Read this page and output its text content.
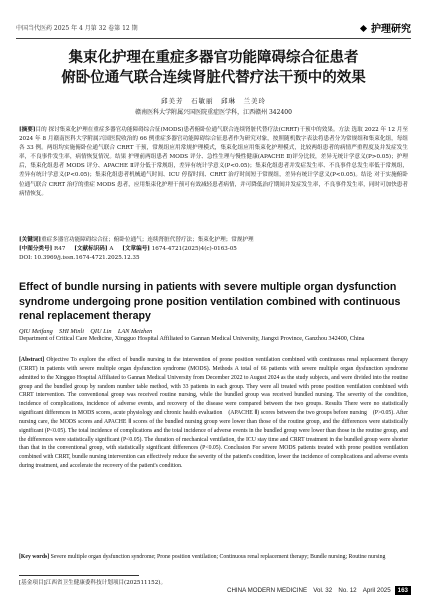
中国当代医药 2025 年 4 月第 32 卷第 12 期	护理研究
集束化护理在重症多器官功能障碍综合征患者
俯卧位通气联合连续肾脏代替疗法干预中的效果
邱美芳　石敏丽　邱琳　兰美玲
赣南医科大学附属兴国医院重症医学科，江西赣州 342400
[摘要]目的 探讨集束化护理在重症多器官功能障碍综合征(MODS)患者俯卧位通气联合连续肾脏代替疗法(CRRT)干预中的效果。方法 选取 2022 年 12 月至 2024 年 8 月赣南医科大学附属兴国医院收治的 66 例重症多器官功能障碍综合征患者作为研究对象，按照随机数字表法将患者分为常规组和集束化组，每组各 33 例。两组均实施俯卧位通气联合 CRRT 干预，常规组应用常规护理模式，集束化组应用集束化护理模式，比较两组患者的病情严重程度及并发症发生率，不良事件发生率，病情恢复情况。结果 护理前两组患者 MODS 评分、急性生理与慢性健康(APACHE Ⅱ)评分比较，差异无统计学意义(P>0.05)；护理后，集束化组患者 MODS 评分、APACHE Ⅱ评分低于常规组，差异有统计学意义(P<0.05)；集束化组患者并发症发生率、不良事件总发生率低于常规组，差异有统计学意义(P<0.05)；集束化组患者机械通气时间、ICU 停留时间、CRRT 治疗时间短于常规组，差异有统计学意义(P<0.05)。结论 对于实施俯卧位通气联合 CRRT 治疗的重症 MODS 患者，应用集束化护理干预可有效减轻患者病情，并可降低治疗期间并发症发生率，不良事件发生率，同时可加快患者病情恢复。
[关键词]重症多器官功能障碍综合征；俯卧位通气；连续肾脏代替疗法；集束化护理；常规护理
[中图分类号] R47 [文献标识码] A [文章编号] 1674-4721(2025)4(c)-0163-05
DOI: 10.3969/j.issn.1674-4721.2025.12.35
Effect of bundle nursing in patients with severe multiple organ dysfunction syndrome undergoing prone position ventilation combined with continuous renal replacement therapy
QIU Meifang　SHI Minli　QIU Lin　LAN Meizhen
Department of Critical Care Medicine, Xingguo Hospital Affiliated to Gannan Medical University, Jiangxi Province, Ganzhou 342400, China
[Abstract] Objective To explore the effect of bundle nursing in the intervention of prone position ventilation combined with continuous renal replacement therapy (CRRT) in patients with severe multiple organ dysfunction syndrome (MODS). Methods A total of 66 patients with severe multiple organ dysfunction syndrome admitted to the Xingguo Hospital Affiliated to Gannan Medical University from December 2022 to August 2024 as the study subjects, and were divided into the routine group and the bundled group by random number table method, with 33 patients in each group. They were all treated with prone position ventilation combined with CRRT intervention. The conventional group was received routine nursing, while the bundled group was received bundled nursing. The severity of the condition, incidence of complications, incidence of adverse events, and recovery of the disease were compared between the two groups. Results There were no statistically significant differences in MODS scores, acute physiology and chronic health evaluation　(APACHE Ⅱ) scores between the two groups before nursing　(P>0.05). After nursing care, the MODS scores and APACHE Ⅱ scores of the bundled nursing group were lower than those of the routine group, and the differences were statistically significant (P<0.05). The total incidence of complications and the total incidence of adverse events in the bundled group were lower than those in the routine group, and the differences were statistically significant (P<0.05). The duration of mechanical ventilation, the ICU stay time and CRRT treatment in the bundled group were shorter than that in the conventional group, with statistically significant differences (P<0.05). Conclusion For severe MODS patients treated with prone position ventilation combined with CRRT, bundle nursing intervention can effectively reduce the severity of the patient's condition, lower the incidence of complications and adverse events during treatment, and accelerate the recovery of the patient's condition.
[Key words] Severe multiple organ dysfunction syndrome; Prone position ventilation; Continuous renal replacement therapy; Bundle nursing; Routine nursing
[基金项目]江西省卫生健康委科技计划项目(202511152)。
CHINA MODERN MEDICINE　Vol. 32　No. 12　April 2025 163
